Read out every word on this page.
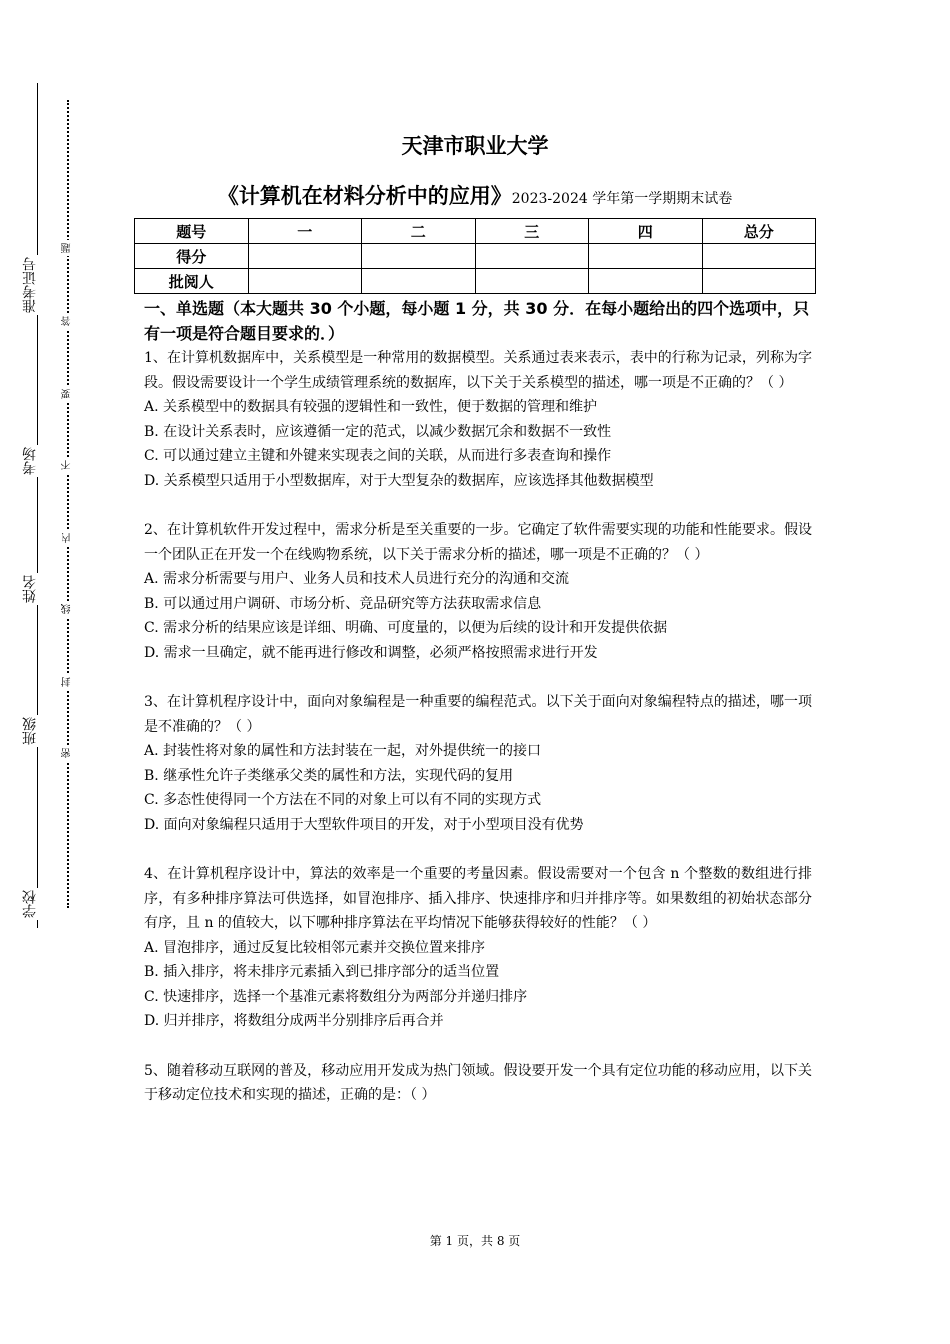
准考证号
考场
姓名
班级
学校
题
答
要
不
内
线
封
密
天津市职业大学
《计算机在材料分析中的应用》2023-2024 学年第一学期期末试卷
题号	一	二	三	四	总分
得分					
批阅人					
一、单选题（本大题共 30 个小题，每小题 1 分，共 30 分．在每小题给出的四个选项中，只有一项是符合题目要求的．）
1、在计算机数据库中，关系模型是一种常用的数据模型。关系通过表来表示，表中的行称为记录，列称为字段。假设需要设计一个学生成绩管理系统的数据库，以下关于关系模型的描述，哪一项是不正确的？（ ）
A. 关系模型中的数据具有较强的逻辑性和一致性，便于数据的管理和维护
B. 在设计关系表时，应该遵循一定的范式，以减少数据冗余和数据不一致性
C. 可以通过建立主键和外键来实现表之间的关联，从而进行多表查询和操作
D. 关系模型只适用于小型数据库，对于大型复杂的数据库，应该选择其他数据模型
2、在计算机软件开发过程中，需求分析是至关重要的一步。它确定了软件需要实现的功能和性能要求。假设一个团队正在开发一个在线购物系统，以下关于需求分析的描述，哪一项是不正确的？（ ）
A. 需求分析需要与用户、业务人员和技术人员进行充分的沟通和交流
B. 可以通过用户调研、市场分析、竞品研究等方法获取需求信息
C. 需求分析的结果应该是详细、明确、可度量的，以便为后续的设计和开发提供依据
D. 需求一旦确定，就不能再进行修改和调整，必须严格按照需求进行开发
3、在计算机程序设计中，面向对象编程是一种重要的编程范式。以下关于面向对象编程特点的描述，哪一项是不准确的？（ ）
A. 封装性将对象的属性和方法封装在一起，对外提供统一的接口
B. 继承性允许子类继承父类的属性和方法，实现代码的复用
C. 多态性使得同一个方法在不同的对象上可以有不同的实现方式
D. 面向对象编程只适用于大型软件项目的开发，对于小型项目没有优势
4、在计算机程序设计中，算法的效率是一个重要的考量因素。假设需要对一个包含 n 个整数的数组进行排序，有多种排序算法可供选择，如冒泡排序、插入排序、快速排序和归并排序等。如果数组的初始状态部分有序，且 n 的值较大，以下哪种排序算法在平均情况下能够获得较好的性能？（ ）
A. 冒泡排序，通过反复比较相邻元素并交换位置来排序
B. 插入排序，将未排序元素插入到已排序部分的适当位置
C. 快速排序，选择一个基准元素将数组分为两部分并递归排序
D. 归并排序，将数组分成两半分别排序后再合并
5、随着移动互联网的普及，移动应用开发成为热门领域。假设要开发一个具有定位功能的移动应用，以下关于移动定位技术和实现的描述，正确的是：（ ）
第 1 页，共 8 页
